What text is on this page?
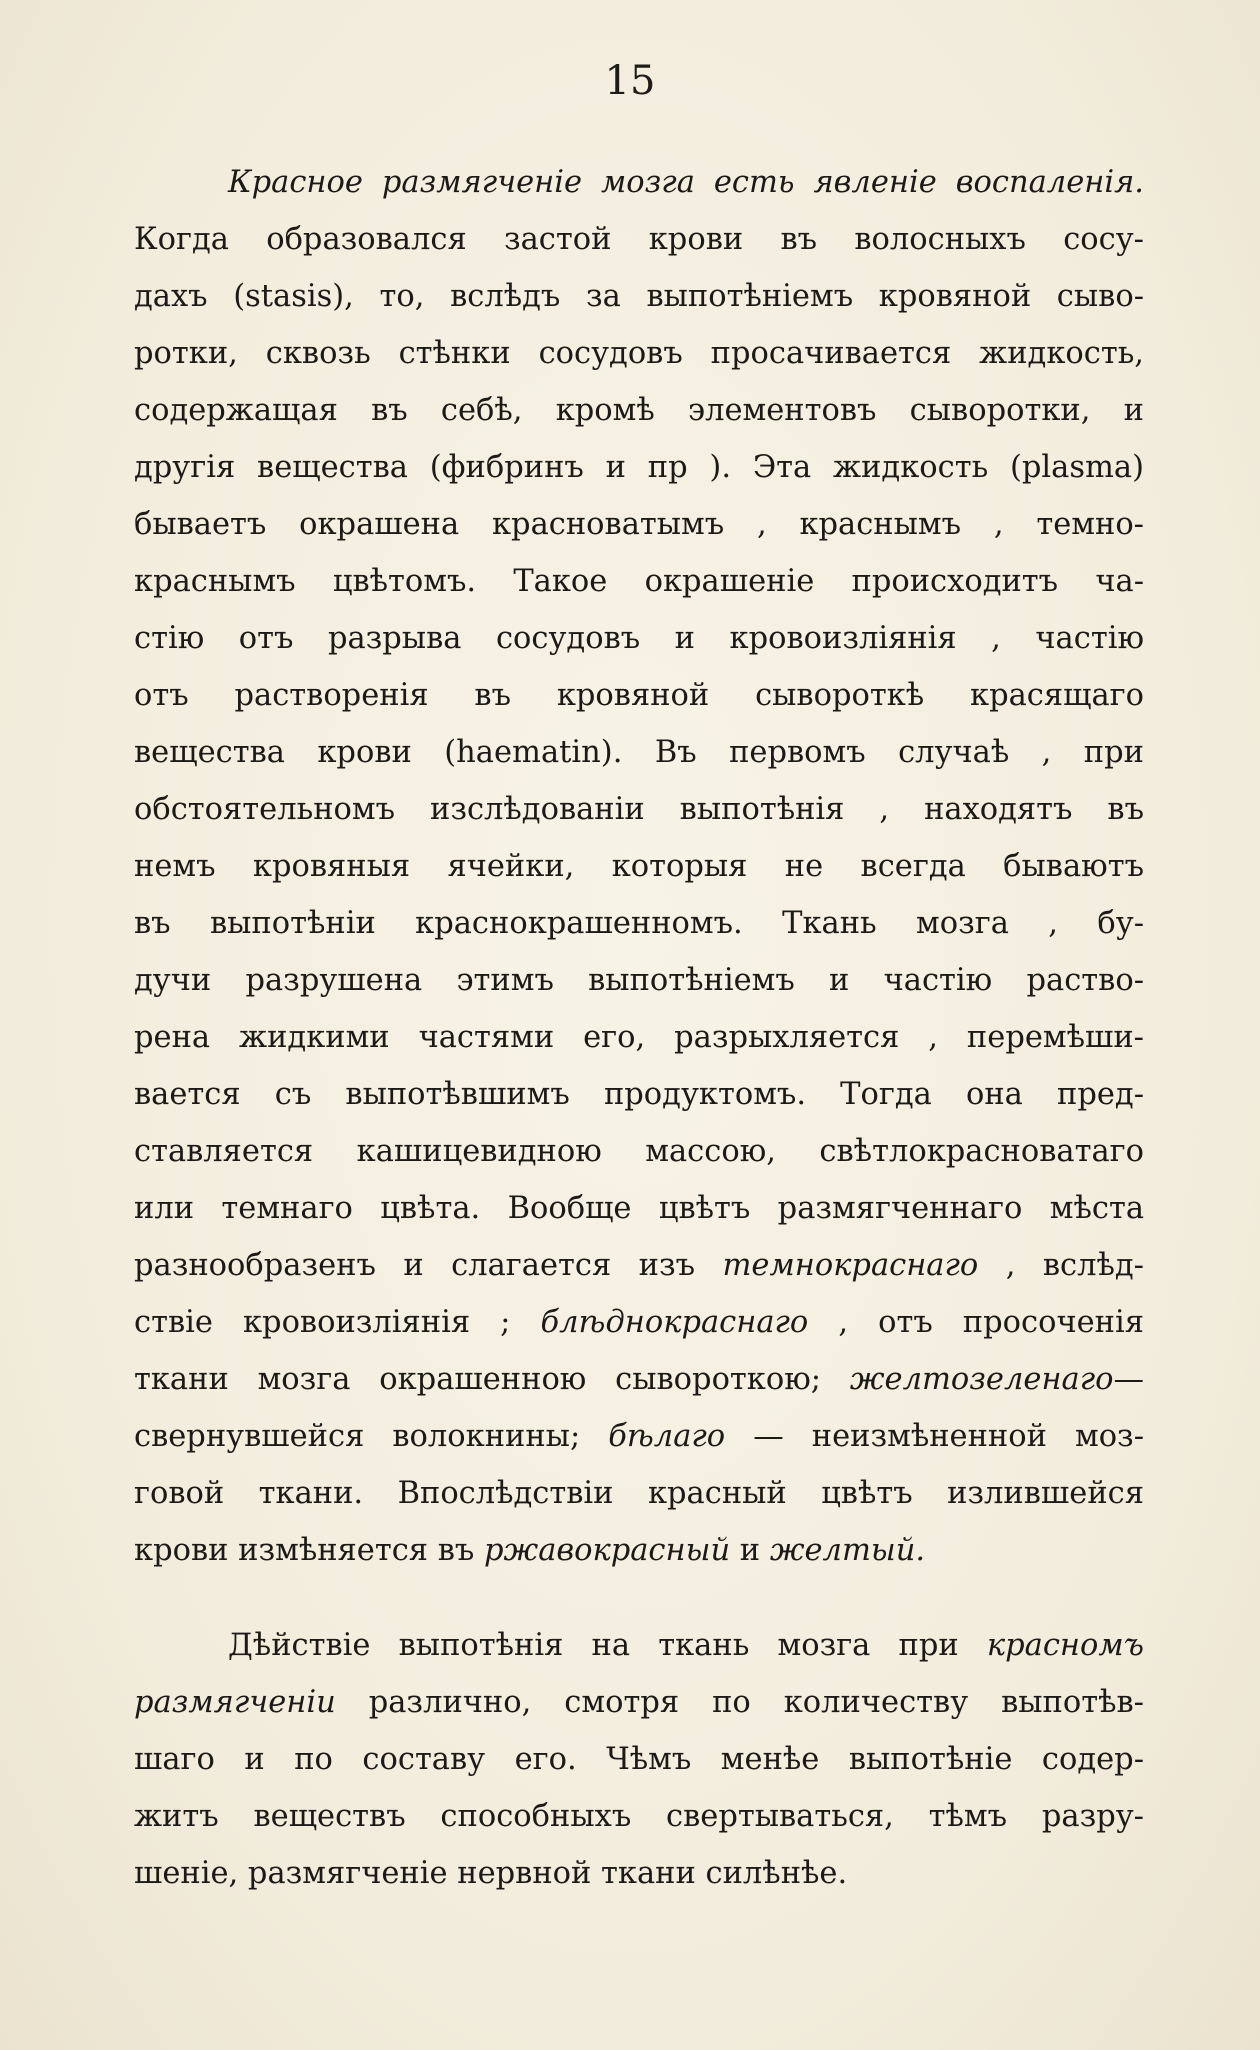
15
Красное размягченіе мозга есть явленіе воспаленія.
Когда образовался застой крови въ волосныхъ сосу-
дахъ (stasis), то, вслѣдъ за выпотѣніемъ кровяной сыво-
ротки, сквозь стѣнки сосудовъ просачивается жидкость,
содержащая въ себѣ, кромѣ элементовъ сыворотки, и
другія вещества (фибринъ и пр ). Эта жидкость (plasma)
бываетъ окрашена красноватымъ , краснымъ , темно-
краснымъ цвѣтомъ. Такое окрашеніе происходитъ ча-
стію отъ разрыва сосудовъ и кровоизліянія , частію
отъ растворенія въ кровяной сывороткѣ красящаго
вещества крови (haematin). Въ первомъ случаѣ , при
обстоятельномъ изслѣдованіи выпотѣнія , находятъ въ
немъ кровяныя ячейки, которыя не всегда бываютъ
въ выпотѣніи краснокрашенномъ. Ткань мозга , бу-
дучи разрушена этимъ выпотѣніемъ и частію раство-
рена жидкими частями его, разрыхляется , перемѣши-
вается съ выпотѣвшимъ продуктомъ. Тогда она пред-
ставляется кашицевидною массою, свѣтлокрасноватаго
или темнаго цвѣта. Вообще цвѣтъ размягченнаго мѣста
разнообразенъ и слагается изъ темнокраснаго , вслѣд-
ствіе кровоизліянія ; блѣднокраснаго , отъ просоченія
ткани мозга окрашенною сывороткою; желтозеленаго—
свернувшейся волокнины; бѣлаго — неизмѣненной моз-
говой ткани. Впослѣдствіи красный цвѣтъ излившейся
крови измѣняется въ ржавокрасный и желтый.
Дѣйствіе выпотѣнія на ткань мозга при красномъ
размягченіи различно, смотря по количеству выпотѣв-
шаго и по составу его. Чѣмъ менѣе выпотѣніе содер-
житъ веществъ способныхъ свертываться, тѣмъ разру-
шеніе, размягченіе нервной ткани силѣнѣе.
